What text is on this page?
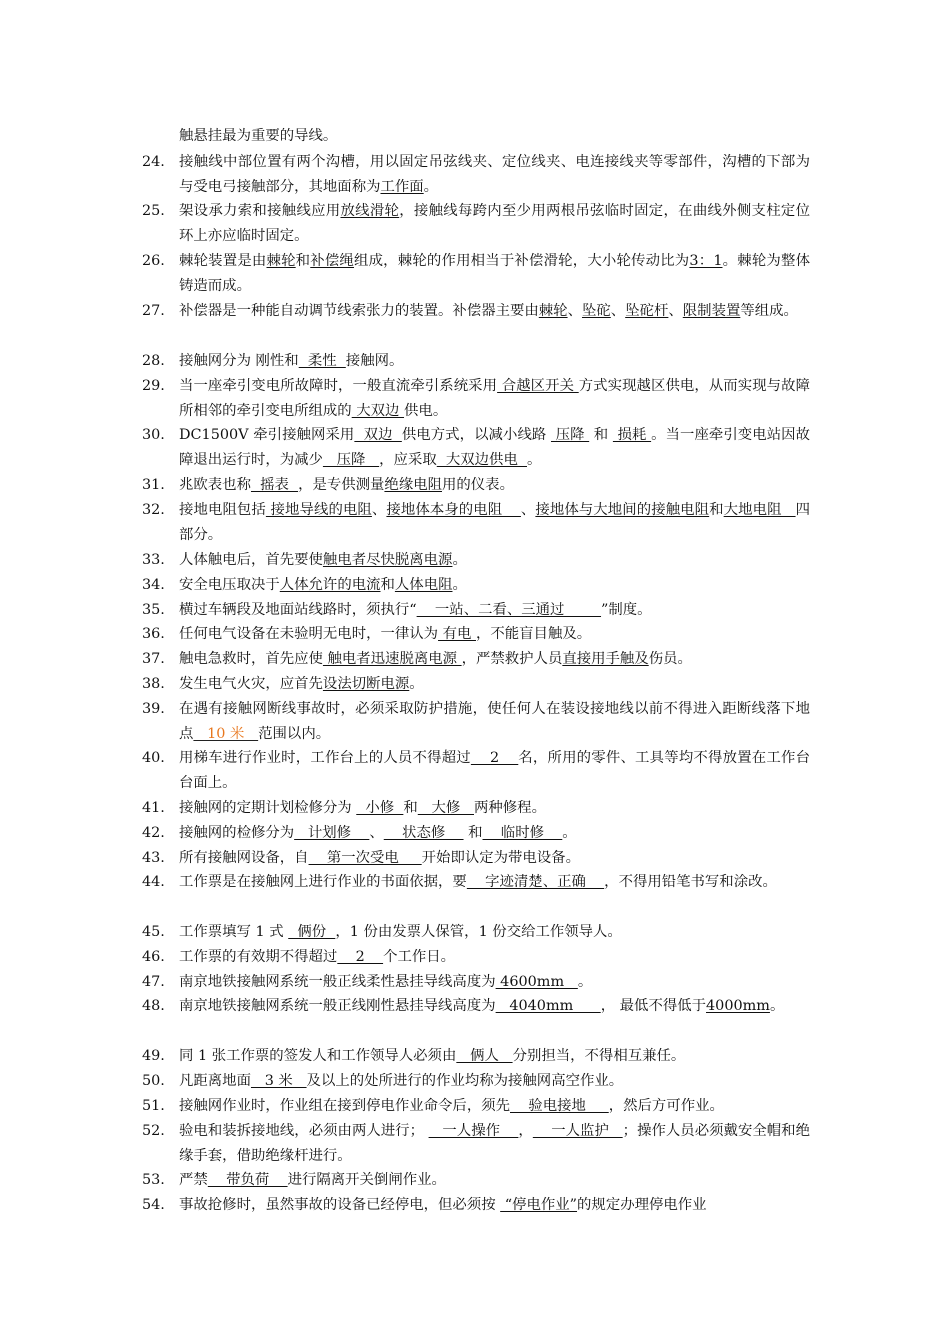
触悬挂最为重要的导线。
24. 接触线中部位置有两个沟槽，用以固定吊弦线夹、定位线夹、电连接线夹等零部件，沟槽的下部为与受电弓接触部分，其地面称为工作面。
25. 架设承力索和接触线应用放线滑轮，接触线每跨内至少用两根吊弦临时固定，在曲线外侧支柱定位环上亦应临时固定。
26. 棘轮装置是由棘轮和补偿绳组成，棘轮的作用相当于补偿滑轮，大小轮传动比为3：1。棘轮为整体铸造而成。
27. 补偿器是一种能自动调节线索张力的装置。补偿器主要由棘轮、坠砣、坠砣杆、限制装置等组成。
28. 接触网分为 刚性和  柔性  接触网。
29. 当一座牵引变电所故障时，一般直流牵引系统采用 合越区开关 方式实现越区供电，从而实现与故障所相邻的牵引变电所组成的 大双边 供电。
30. DC1500V 牵引接触网采用  双边  供电方式，以减小线路  压降  和  损耗 。当一座牵引变电站因故障退出运行时，为减少   压降   ，应采取  大双边供电  。
31. 兆欧表也称  摇表  ，是专供测量绝缘电阻用的仪表。
32. 接地电阻包括 接地导线的电阻、接地体本身的电阻    、接地体与大地间的接触电阻和大地电阻   四部分。
33. 人体触电后，首先要使触电者尽快脱离电源。
34. 安全电压取决于人体允许的电流和人体电阻。
35. 横过车辆段及地面站线路时，须执行“    一站、二看、三通过        ”制度。
36. 任何电气设备在未验明无电时，一律认为 有电 ，不能盲目触及。
37. 触电急救时，首先应使 触电者迅速脱离电源 ，严禁救护人员直接用手触及伤员。
38. 发生电气火灾，应首先设法切断电源。
39. 在遇有接触网断线事故时，必须采取防护措施，使任何人在装设接地线以前不得进入距断线落下地点   10 米   范围以内。
40. 用梯车进行作业时，工作台上的人员不得超过    2    名，所用的零件、工具等均不得放置在工作台台面上。
41. 接触网的定期计划检修分为   小修  和   大修   两种修程。
42. 接触网的检修分为   计划修    、    状态修     和    临时修    。
43. 所有接触网设备，自    第一次受电     开始即认定为带电设备。
44. 工作票是在接触网上进行作业的书面依据，要    字迹清楚、正确    ，不得用铅笔书写和涂改。
45. 工作票填写 1 式   俩份  ，1 份由发票人保管，1 份交给工作领导人。
46. 工作票的有效期不得超过    2    个工作日。
47. 南京地铁接触网系统一般正线柔性悬挂导线高度为 4600mm   。
48. 南京地铁接触网系统一般正线刚性悬挂导线高度为   4040mm      ， 最低不得低于4000mm。
49. 同 1 张工作票的签发人和工作领导人必须由   俩人   分别担当，不得相互兼任。
50. 凡距离地面   3 米   及以上的处所进行的作业均称为接触网高空作业。
51. 接触网作业时，作业组在接到停电作业命令后，须先    验电接地     ，然后方可作业。
52. 验电和装拆接地线，必须由两人进行；    一人操作    ，    一人监护   ；操作人员必须戴安全帽和绝缘手套，借助绝缘杆进行。
53. 严禁    带负荷    进行隔离开关倒闸作业。
54. 事故抢修时，虽然事故的设备已经停电，但必须按  “停电作业”的规定办理停电作业
